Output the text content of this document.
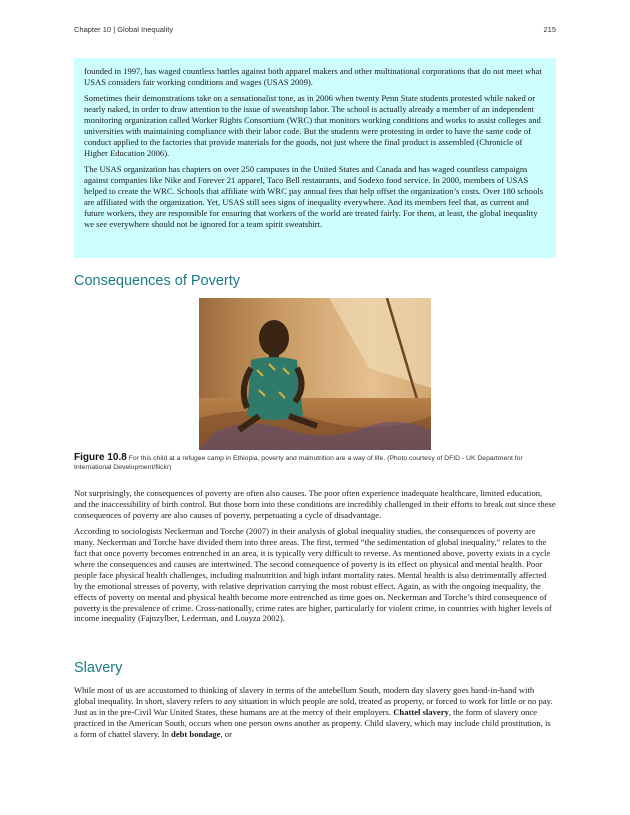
Chapter 10 | Global Inequality	215

founded in 1997, has waged countless battles against both apparel makers and other multinational corporations that do not meet what USAS considers fair working conditions and wages (USAS 2009).

Sometimes their demonstrations take on a sensationalist tone, as in 2006 when twenty Penn State students protested while naked or nearly naked, in order to draw attention to the issue of sweatshop labor. The school is actually already a member of an independent monitoring organization called Worker Rights Consortium (WRC) that monitors working conditions and works to assist colleges and universities with maintaining compliance with their labor code. But the students were protesting in order to have the same code of conduct applied to the factories that provide materials for the goods, not just where the final product is assembled (Chronicle of Higher Education 2006).

The USAS organization has chapters on over 250 campuses in the United States and Canada and has waged countless campaigns against companies like Nike and Forever 21 apparel, Taco Bell restaurants, and Sodexo food service. In 2000, members of USAS helped to create the WRC. Schools that affiliate with WRC pay annual fees that help offset the organization’s costs. Over 180 schools are affiliated with the organization. Yet, USAS still sees signs of inequality everywhere. And its members feel that, as current and future workers, they are responsible for ensuring that workers of the world are treated fairly. For them, at least, the global inequality we see everywhere should not be ignored for a team spirit sweatshirt.

Consequences of Poverty
Figure 10.8 For this child at a refugee camp in Ethiopia, poverty and malnutrition are a way of life. (Photo courtesy of DFID - UK Department for International Development/flickr)

Not surprisingly, the consequences of poverty are often also causes. The poor often experience inadequate healthcare, limited education, and the inaccessibility of birth control. But those born into these conditions are incredibly challenged in their efforts to break out since these consequences of poverty are also causes of poverty, perpetuating a cycle of disadvantage.

According to sociologists Neckerman and Torche (2007) in their analysis of global inequality studies, the consequences of poverty are many. Neckerman and Torche have divided them into three areas. The first, termed “the sedimentation of global inequality,” relates to the fact that once poverty becomes entrenched in an area, it is typically very difficult to reverse. As mentioned above, poverty exists in a cycle where the consequences and causes are intertwined. The second consequence of poverty is its effect on physical and mental health. Poor people face physical health challenges, including malnutrition and high infant mortality rates. Mental health is also detrimentally affected by the emotional stresses of poverty, with relative deprivation carrying the most robust effect. Again, as with the ongoing inequality, the effects of poverty on mental and physical health become more entrenched as time goes on. Neckerman and Torche’s third consequence of poverty is the prevalence of crime. Cross-nationally, crime rates are higher, particularly for violent crime, in countries with higher levels of income inequality (Fajnzylber, Lederman, and Loayza 2002).

Slavery

While most of us are accustomed to thinking of slavery in terms of the antebellum South, modern day slavery goes hand-in-hand with global inequality. In short, slavery refers to any situation in which people are sold, treated as property, or forced to work for little or no pay. Just as in the pre-Civil War United States, these humans are at the mercy of their employers. Chattel slavery, the form of slavery once practiced in the American South, occurs when one person owns another as property. Child slavery, which may include child prostitution, is a form of chattel slavery. In debt bondage, or
